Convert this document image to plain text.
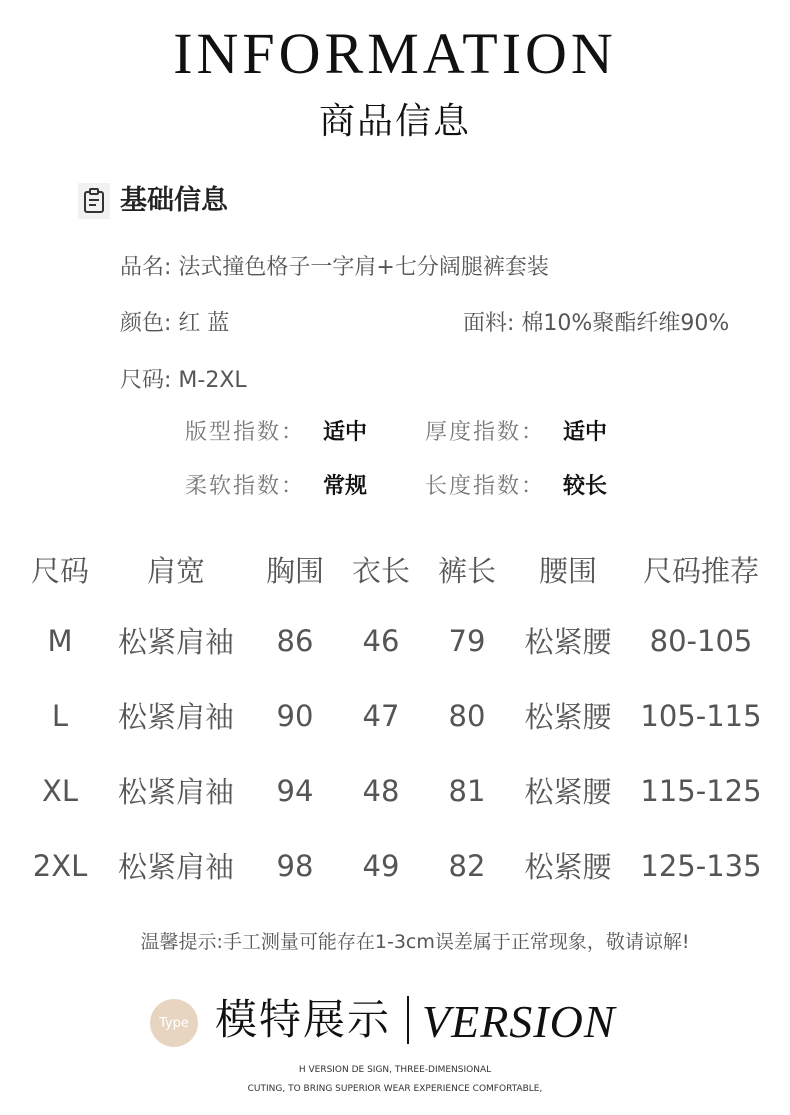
INFORMATION
商品信息
基础信息
品名: 法式撞色格子一字肩+七分阔腿裤套装
颜色: 红 蓝	面料: 棉10%聚酯纤维90%
尺码: M-2XL
版型指数： 适中	厚度指数： 适中
柔软指数： 常规	长度指数： 较长
尺码	肩宽	胸围	衣长	裤长	腰围	尺码推荐
M	松紧肩袖	86	46	79	松紧腰	80-105
L	松紧肩袖	90	47	80	松紧腰	105-115
XL	松紧肩袖	94	48	81	松紧腰	115-125
2XL	松紧肩袖	98	49	82	松紧腰	125-135
温馨提示:手工测量可能存在1-3cm误差属于正常现象，敬请谅解!
Type 模特展示 VERSION
H VERSION DE SIGN, THREE-DIMENSIONAL
CUTING, TO BRING SUPERIOR WEAR EXPERIENCE COMFORTABLE,
